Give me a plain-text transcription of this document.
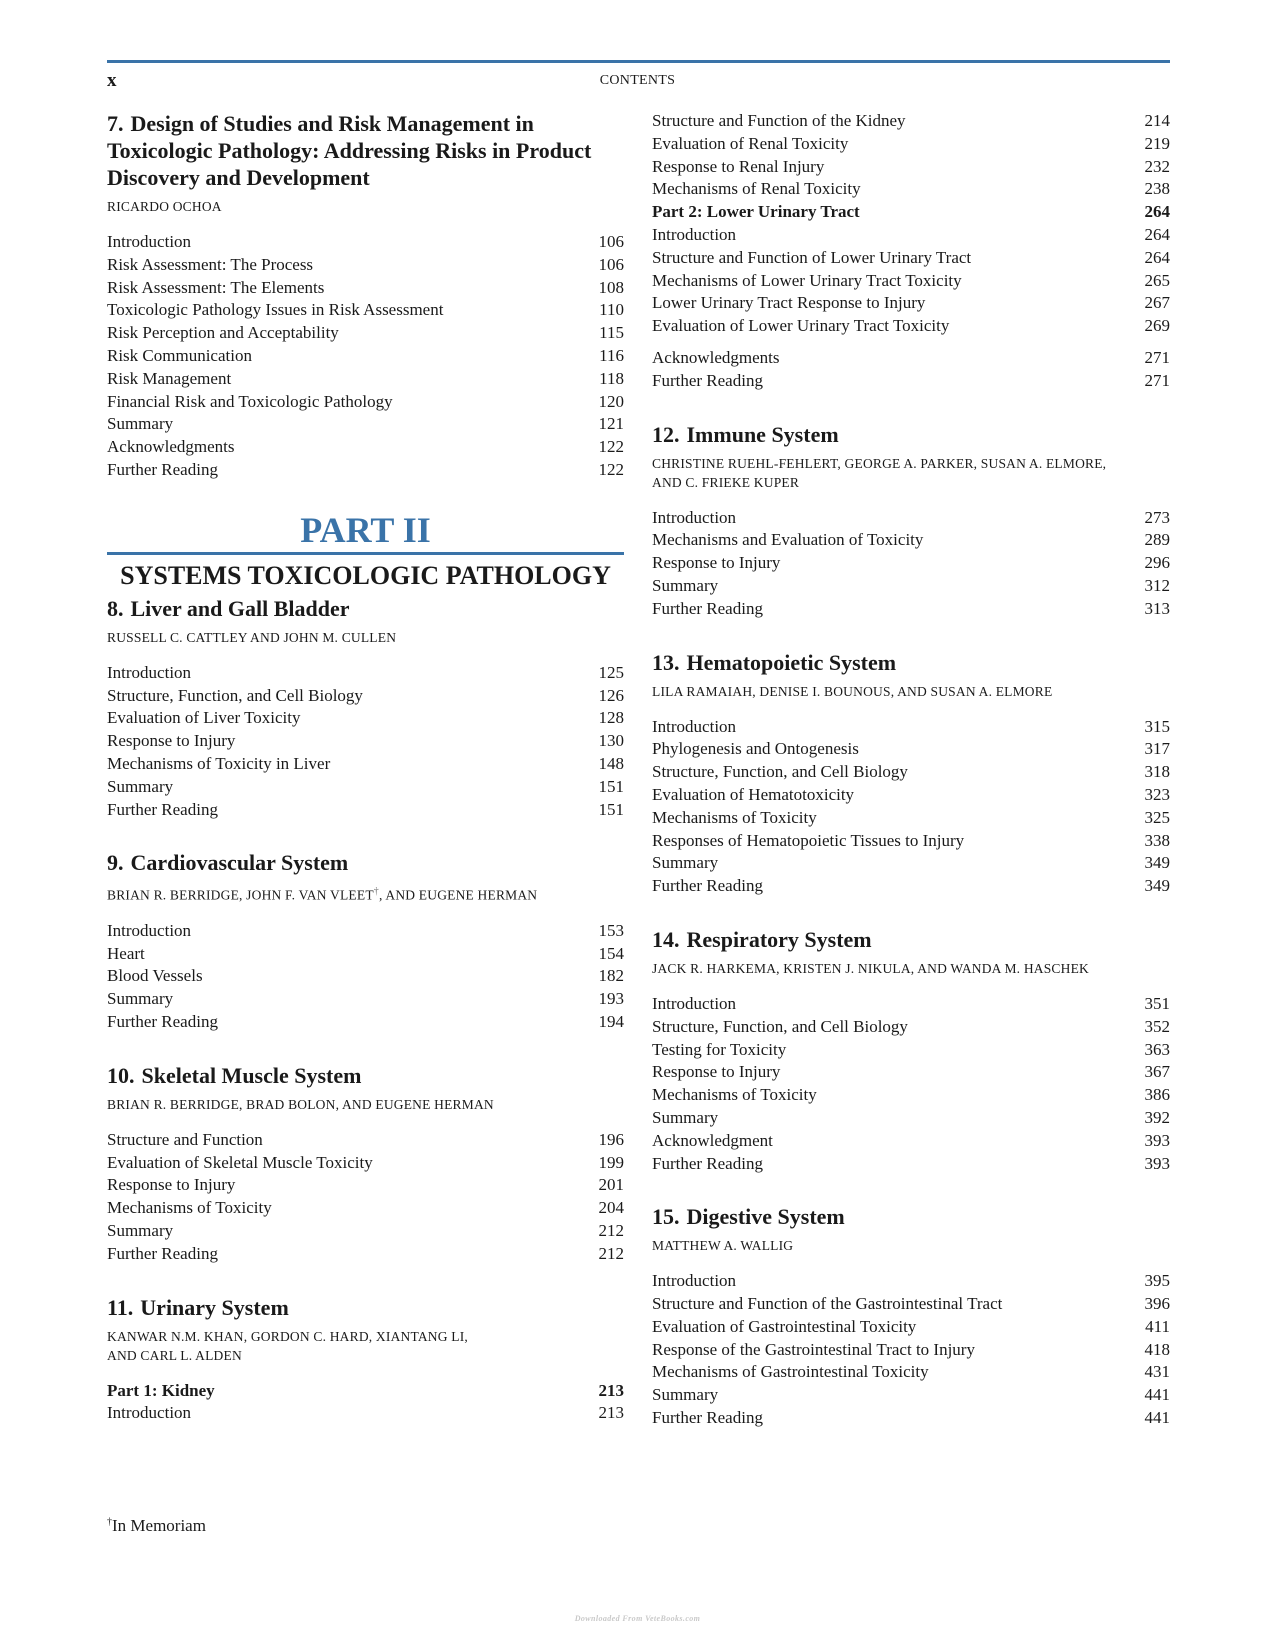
x	CONTENTS
7. Design of Studies and Risk Management in Toxicologic Pathology: Addressing Risks in Product Discovery and Development
RICARDO OCHOA
Introduction	106
Risk Assessment: The Process	106
Risk Assessment: The Elements	108
Toxicologic Pathology Issues in Risk Assessment	110
Risk Perception and Acceptability	115
Risk Communication	116
Risk Management	118
Financial Risk and Toxicologic Pathology	120
Summary	121
Acknowledgments	122
Further Reading	122
PART II
SYSTEMS TOXICOLOGIC PATHOLOGY
8. Liver and Gall Bladder
RUSSELL C. CATTLEY AND JOHN M. CULLEN
Introduction	125
Structure, Function, and Cell Biology	126
Evaluation of Liver Toxicity	128
Response to Injury	130
Mechanisms of Toxicity in Liver	148
Summary	151
Further Reading	151
9. Cardiovascular System
BRIAN R. BERRIDGE, JOHN F. VAN VLEET†, AND EUGENE HERMAN
Introduction	153
Heart	154
Blood Vessels	182
Summary	193
Further Reading	194
10. Skeletal Muscle System
BRIAN R. BERRIDGE, BRAD BOLON, AND EUGENE HERMAN
Structure and Function	196
Evaluation of Skeletal Muscle Toxicity	199
Response to Injury	201
Mechanisms of Toxicity	204
Summary	212
Further Reading	212
11. Urinary System
KANWAR N.M. KHAN, GORDON C. HARD, XIANTANG LI,
AND CARL L. ALDEN
Part 1: Kidney	213
Introduction	213
Structure and Function of the Kidney	214
Evaluation of Renal Toxicity	219
Response to Renal Injury	232
Mechanisms of Renal Toxicity	238
Part 2: Lower Urinary Tract	264
Introduction	264
Structure and Function of Lower Urinary Tract	264
Mechanisms of Lower Urinary Tract Toxicity	265
Lower Urinary Tract Response to Injury	267
Evaluation of Lower Urinary Tract Toxicity	269
Acknowledgments	271
Further Reading	271
12. Immune System
CHRISTINE RUEHL-FEHLERT, GEORGE A. PARKER, SUSAN A. ELMORE,
AND C. FRIEKE KUPER
Introduction	273
Mechanisms and Evaluation of Toxicity	289
Response to Injury	296
Summary	312
Further Reading	313
13. Hematopoietic System
LILA RAMAIAH, DENISE I. BOUNOUS, AND SUSAN A. ELMORE
Introduction	315
Phylogenesis and Ontogenesis	317
Structure, Function, and Cell Biology	318
Evaluation of Hematotoxicity	323
Mechanisms of Toxicity	325
Responses of Hematopoietic Tissues to Injury	338
Summary	349
Further Reading	349
14. Respiratory System
JACK R. HARKEMA, KRISTEN J. NIKULA, AND WANDA M. HASCHEK
Introduction	351
Structure, Function, and Cell Biology	352
Testing for Toxicity	363
Response to Injury	367
Mechanisms of Toxicity	386
Summary	392
Acknowledgment	393
Further Reading	393
15. Digestive System
MATTHEW A. WALLIG
Introduction	395
Structure and Function of the Gastrointestinal Tract	396
Evaluation of Gastrointestinal Toxicity	411
Response of the Gastrointestinal Tract to Injury	418
Mechanisms of Gastrointestinal Toxicity	431
Summary	441
Further Reading	441
†In Memoriam
Downloaded From VeteBooks.com
